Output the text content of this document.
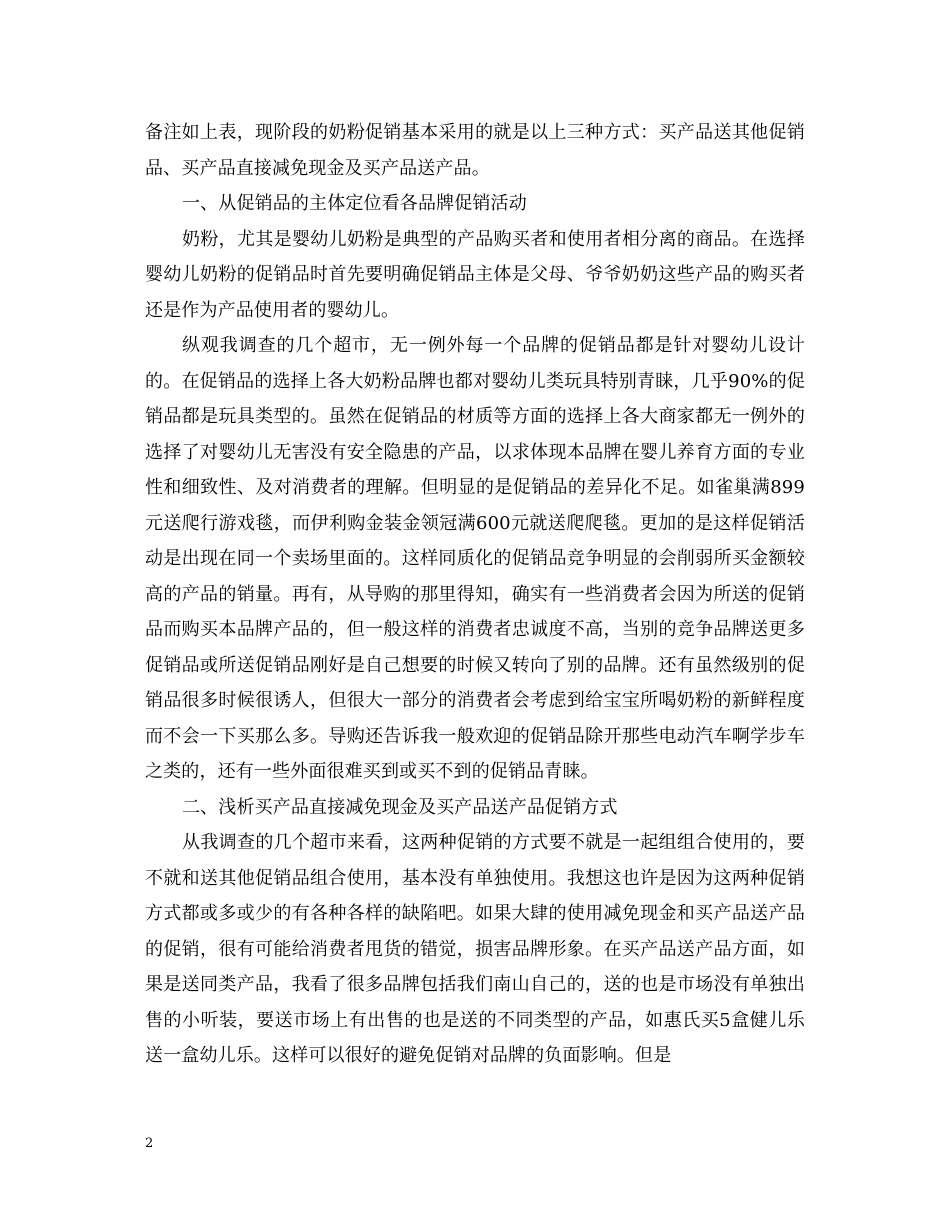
备注如上表，现阶段的奶粉促销基本采用的就是以上三种方式：买产品送其他促销品、买产品直接减免现金及买产品送产品。

一、从促销品的主体定位看各品牌促销活动

奶粉，尤其是婴幼儿奶粉是典型的产品购买者和使用者相分离的商品。在选择婴幼儿奶粉的促销品时首先要明确促销品主体是父母、爷爷奶奶这些产品的购买者还是作为产品使用者的婴幼儿。

纵观我调查的几个超市，无一例外每一个品牌的促销品都是针对婴幼儿设计的。在促销品的选择上各大奶粉品牌也都对婴幼儿类玩具特别青睐，几乎90%的促销品都是玩具类型的。虽然在促销品的材质等方面的选择上各大商家都无一例外的选择了对婴幼儿无害没有安全隐患的产品，以求体现本品牌在婴儿养育方面的专业性和细致性、及对消费者的理解。但明显的是促销品的差异化不足。如雀巢满899元送爬行游戏毯，而伊利购金装金领冠满600元就送爬爬毯。更加的是这样促销活动是出现在同一个卖场里面的。这样同质化的促销品竞争明显的会削弱所买金额较高的产品的销量。再有，从导购的那里得知，确实有一些消费者会因为所送的促销品而购买本品牌产品的，但一般这样的消费者忠诚度不高，当别的竞争品牌送更多促销品或所送促销品刚好是自己想要的时候又转向了别的品牌。还有虽然级别的促销品很多时候很诱人，但很大一部分的消费者会考虑到给宝宝所喝奶粉的新鲜程度而不会一下买那么多。导购还告诉我一般欢迎的促销品除开那些电动汽车啊学步车之类的，还有一些外面很难买到或买不到的促销品青睐。

二、浅析买产品直接减免现金及买产品送产品促销方式

从我调查的几个超市来看，这两种促销的方式要不就是一起组组合使用的，要不就和送其他促销品组合使用，基本没有单独使用。我想这也许是因为这两种促销方式都或多或少的有各种各样的缺陷吧。如果大肆的使用减免现金和买产品送产品的促销，很有可能给消费者甩货的错觉，损害品牌形象。在买产品送产品方面，如果是送同类产品，我看了很多品牌包括我们南山自己的，送的也是市场没有单独出售的小听装，要送市场上有出售的也是送的不同类型的产品，如惠氏买5盒健儿乐送一盒幼儿乐。这样可以很好的避免促销对品牌的负面影响。但是

2
